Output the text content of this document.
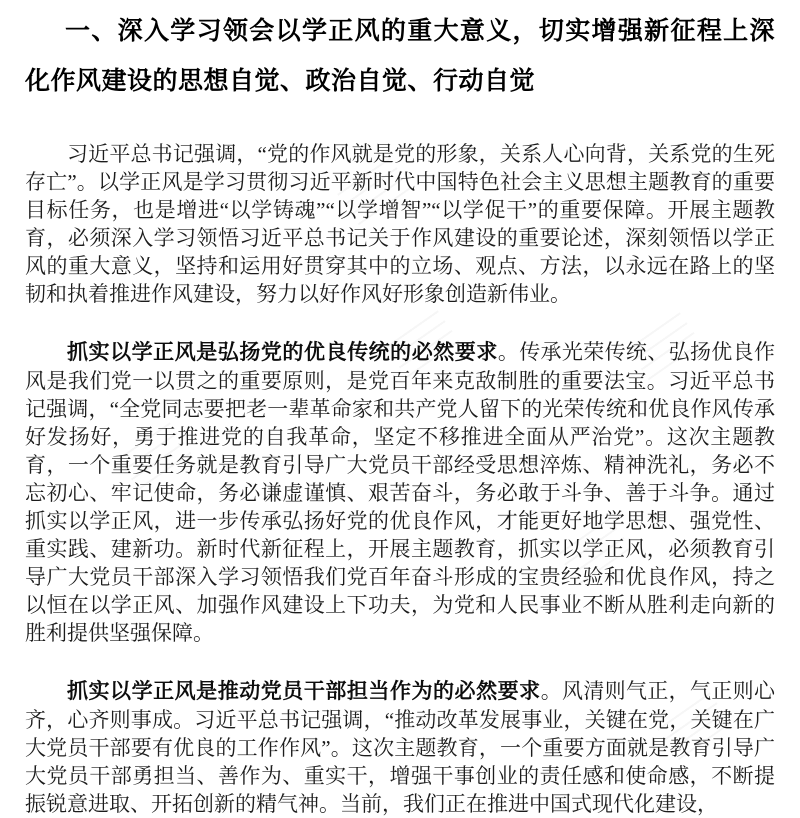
一、深入学习领会以学正风的重大意义，切实增强新征程上深化作风建设的思想自觉、政治自觉、行动自觉

习近平总书记强调，“党的作风就是党的形象，关系人心向背，关系党的生死存亡”。以学正风是学习贯彻习近平新时代中国特色社会主义思想主题教育的重要目标任务，也是增进“以学铸魂”“以学增智”“以学促干”的重要保障。开展主题教育，必须深入学习领悟习近平总书记关于作风建设的重要论述，深刻领悟以学正风的重大意义，坚持和运用好贯穿其中的立场、观点、方法，以永远在路上的坚韧和执着推进作风建设，努力以好作风好形象创造新伟业。

抓实以学正风是弘扬党的优良传统的必然要求。传承光荣传统、弘扬优良作风是我们党一以贯之的重要原则，是党百年来克敌制胜的重要法宝。习近平总书记强调，“全党同志要把老一辈革命家和共产党人留下的光荣传统和优良作风传承好发扬好，勇于推进党的自我革命，坚定不移推进全面从严治党”。这次主题教育，一个重要任务就是教育引导广大党员干部经受思想淬炼、精神洗礼，务必不忘初心、牢记使命，务必谦虚谨慎、艰苦奋斗，务必敢于斗争、善于斗争。通过抓实以学正风，进一步传承弘扬好党的优良作风，才能更好地学思想、强党性、重实践、建新功。新时代新征程上，开展主题教育，抓实以学正风，必须教育引导广大党员干部深入学习领悟我们党百年奋斗形成的宝贵经验和优良作风，持之以恒在以学正风、加强作风建设上下功夫，为党和人民事业不断从胜利走向新的胜利提供坚强保障。

抓实以学正风是推动党员干部担当作为的必然要求。风清则气正，气正则心齐，心齐则事成。习近平总书记强调，“推动改革发展事业，关键在党，关键在广大党员干部要有优良的工作作风”。这次主题教育，一个重要方面就是教育引导广大党员干部勇担当、善作为、重实干，增强干事创业的责任感和使命感，不断提振锐意进取、开拓创新的精气神。当前，我们正在推进中国式现代化建设，
